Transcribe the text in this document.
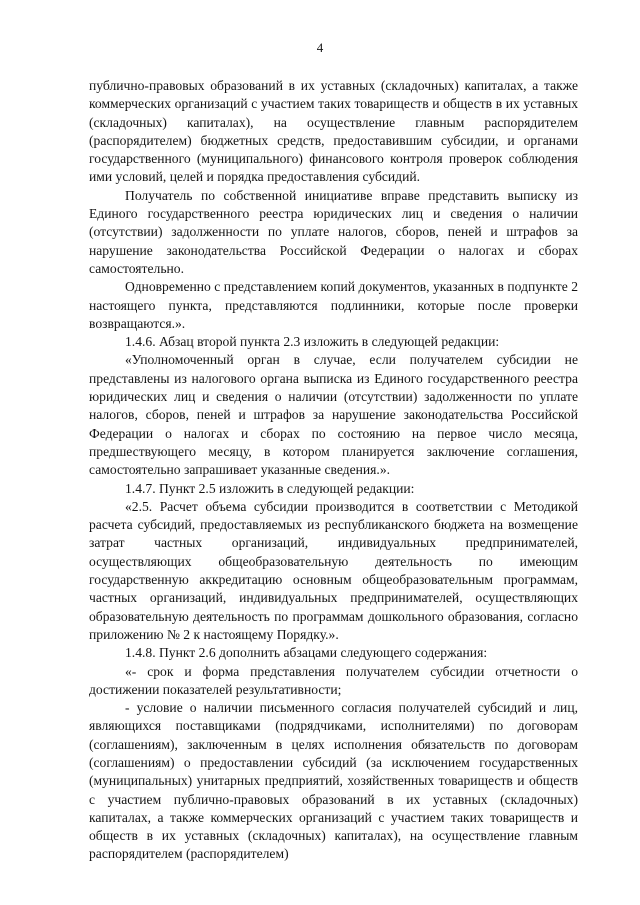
4

публично-правовых образований в их уставных (складочных) капиталах, а также коммерческих организаций с участием таких товариществ и обществ в их уставных (складочных) капиталах), на осуществление главным распорядителем (распорядителем) бюджетных средств, предоставившим субсидии, и органами государственного (муниципального) финансового контроля проверок соблюдения ими условий, целей и порядка предоставления субсидий.

Получатель по собственной инициативе вправе представить выписку из Единого государственного реестра юридических лиц и сведения о наличии (отсутствии) задолженности по уплате налогов, сборов, пеней и штрафов за нарушение законодательства Российской Федерации о налогах и сборах самостоятельно.

Одновременно с представлением копий документов, указанных в подпункте 2 настоящего пункта, представляются подлинники, которые после проверки возвращаются.».

1.4.6. Абзац второй пункта 2.3 изложить в следующей редакции:

«Уполномоченный орган в случае, если получателем субсидии не представлены из налогового органа выписка из Единого государственного реестра юридических лиц и сведения о наличии (отсутствии) задолженности по уплате налогов, сборов, пеней и штрафов за нарушение законодательства Российской Федерации о налогах и сборах по состоянию на первое число месяца, предшествующего месяцу, в котором планируется заключение соглашения, самостоятельно запрашивает указанные сведения.».

1.4.7. Пункт 2.5 изложить в следующей редакции:

«2.5. Расчет объема субсидии производится в соответствии с Методикой расчета субсидий, предоставляемых из республиканского бюджета на возмещение затрат частных организаций, индивидуальных предпринимателей, осуществляющих общеобразовательную деятельность по имеющим государственную аккредитацию основным общеобразовательным программам, частных организаций, индивидуальных предпринимателей, осуществляющих образовательную деятельность по программам дошкольного образования, согласно приложению № 2 к настоящему Порядку.».

1.4.8. Пункт 2.6 дополнить абзацами следующего содержания:

«- срок и форма представления получателем субсидии отчетности о достижении показателей результативности;

- условие о наличии письменного согласия получателей субсидий и лиц, являющихся поставщиками (подрядчиками, исполнителями) по договорам (соглашениям), заключенным в целях исполнения обязательств по договорам (соглашениям) о предоставлении субсидий (за исключением государственных (муниципальных) унитарных предприятий, хозяйственных товариществ и обществ с участием публично-правовых образований в их уставных (складочных) капиталах, а также коммерческих организаций с участием таких товариществ и обществ в их уставных (складочных) капиталах), на осуществление главным распорядителем (распорядителем)
